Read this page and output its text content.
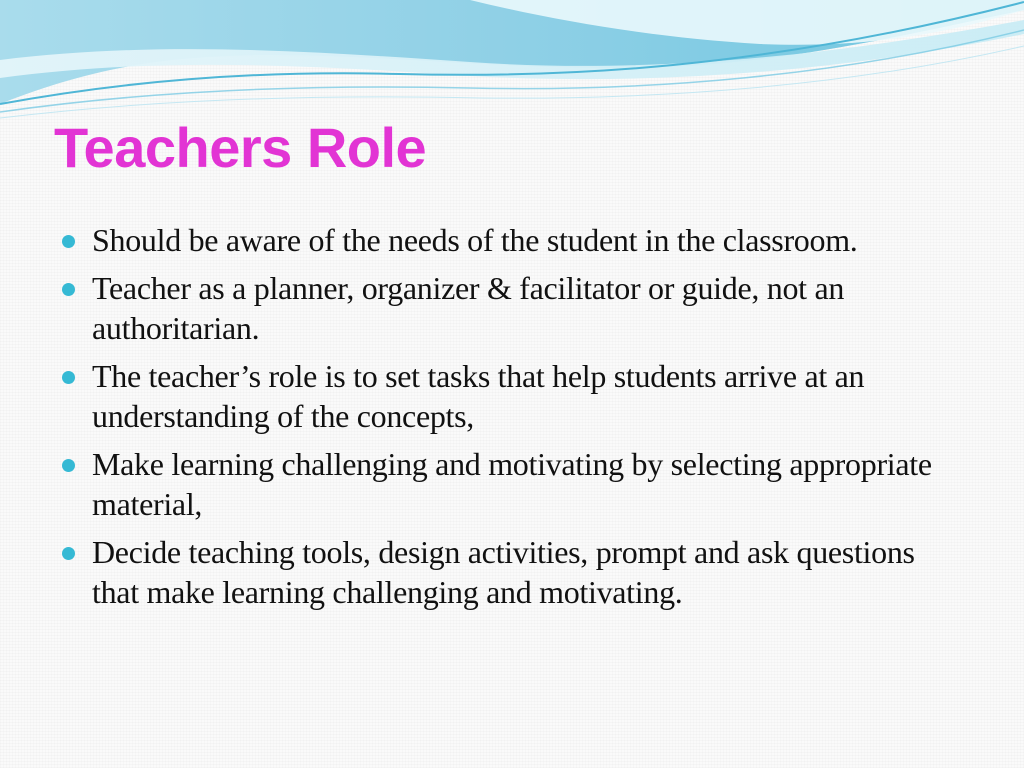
Teachers Role
Should be aware of the needs of the student in the classroom.
Teacher as a planner, organizer & facilitator or guide, not an authoritarian.
The teacher’s role is to set tasks that help students arrive at an understanding of the concepts,
Make learning challenging and motivating by selecting appropriate material,
Decide teaching tools, design activities, prompt and ask questions that make learning challenging and motivating.
